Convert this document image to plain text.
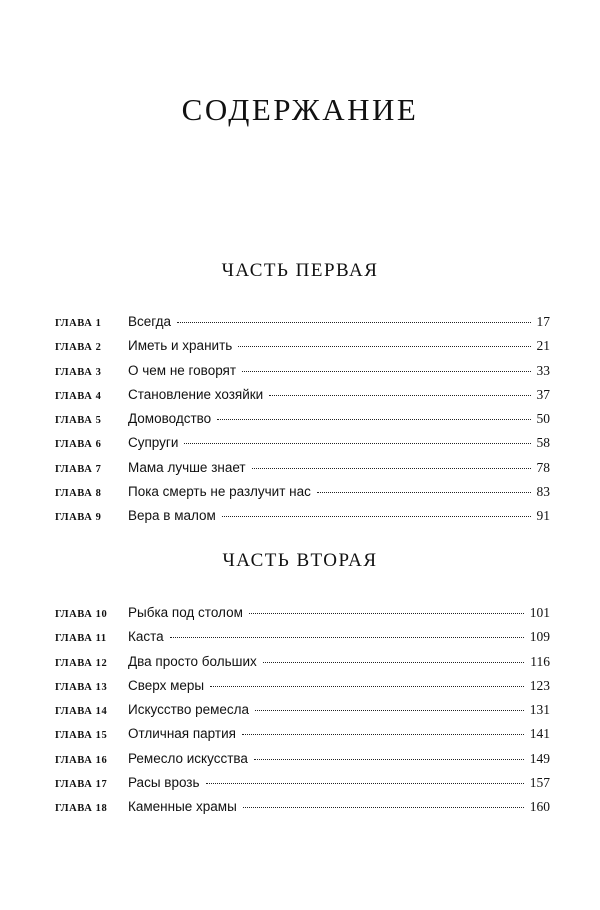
СОДЕРЖАНИЕ
ЧАСТЬ ПЕРВАЯ
ГЛАВА 1	Всегда	17
ГЛАВА 2	Иметь и хранить	21
ГЛАВА 3	О чем не говорят	33
ГЛАВА 4	Становление хозяйки	37
ГЛАВА 5	Домоводство	50
ГЛАВА 6	Супруги	58
ГЛАВА 7	Мама лучше знает	78
ГЛАВА 8	Пока смерть не разлучит нас	83
ГЛАВА 9	Вера в малом	91
ЧАСТЬ ВТОРАЯ
ГЛАВА 10	Рыбка под столом	101
ГЛАВА 11	Каста	109
ГЛАВА 12	Два просто больших	116
ГЛАВА 13	Сверх меры	123
ГЛАВА 14	Искусство ремесла	131
ГЛАВА 15	Отличная партия	141
ГЛАВА 16	Ремесло искусства	149
ГЛАВА 17	Расы врозь	157
ГЛАВА 18	Каменные храмы	160
